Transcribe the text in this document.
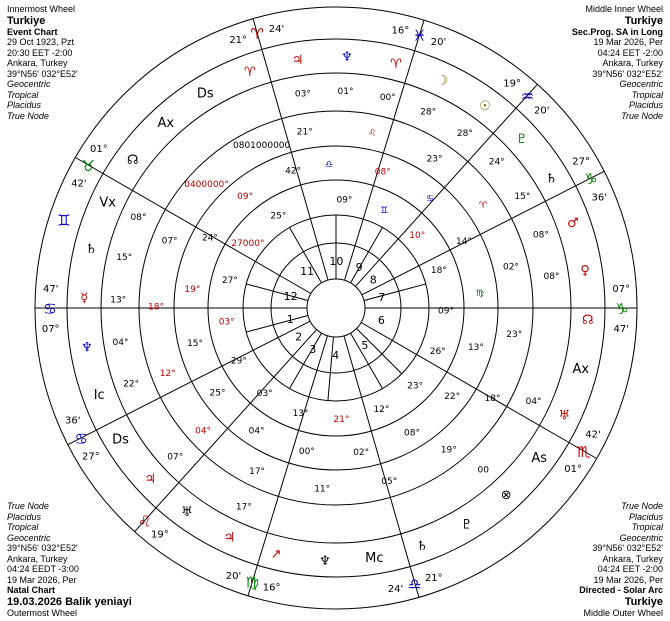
1
2
3 4
5
6
7
8
9
10
11
12
07°
♋
47'
27°
♋
36'
19°
♌
16°
♍
20'	21°
♎
24'
42'
♏
01°
07°
♑
47'
27°
♑
36'
19°
♒
20'
16° ♓ 20'
21° ♈ 24'
42'
♉
01°
♊
♈
♃
03°
♆
01°
♈
00°
☽
28°	☉
28°	♇
24°
♄
15°
♂
08°
♀
08°
☊
Ax
♅
04°
As
⊗
00
♇
♄
Mc
♆
↗
♃
17°
♅
♃
07°
Ds
Ic
22°
♆ 04°
☿ 13°
♄
15°
Vx
08°
☊
Ax
Ds
21°
♎
09°
♌
08°
♊
23°
♋
10°
♈
14°
18°	02°
♍
09°
23°
13°
26°
18°
22°
23°
19°
08°
12°
05°
02°
21°
11°
00°
13°
17°
04°
03°
04°
25°
29°
12°
15°
03°
18°
19°
27°
07°	24°
27000°
0400000°
09°
25°
0801000000
42°
Innermost Wheel
Turkiye
Event Chart
29 Oct 1923, Pzt
20:30 EET -2:00
Ankara, Turkey
39°N56' 032°E52'
Geocentric
Tropical
Placidus
True Node
Middle Inner Wheel
Turkiye
Sec.Prog. SA in Long
19 Mar 2026, Per
04:24 EET -2:00
Ankara, Turkey
39°N56' 032°E52'
Geocentric
Tropical
Placidus
True Node
True Node
Placidus
Tropical
Geocentric
39°N56' 032°E52'
Ankara, Turkey
04:24 EEDT -3:00
19 Mar 2026, Per
Natal Chart
19.03.2026 Balik yeniayi
Outermost Wheel
True Node
Placidus
Tropical
Geocentric
39°N56' 032°E52'
Ankara, Turkey
04:24 EET -2:00
19 Mar 2026, Per
Directed - Solar Arc
Turkiye
Middle Outer Wheel
